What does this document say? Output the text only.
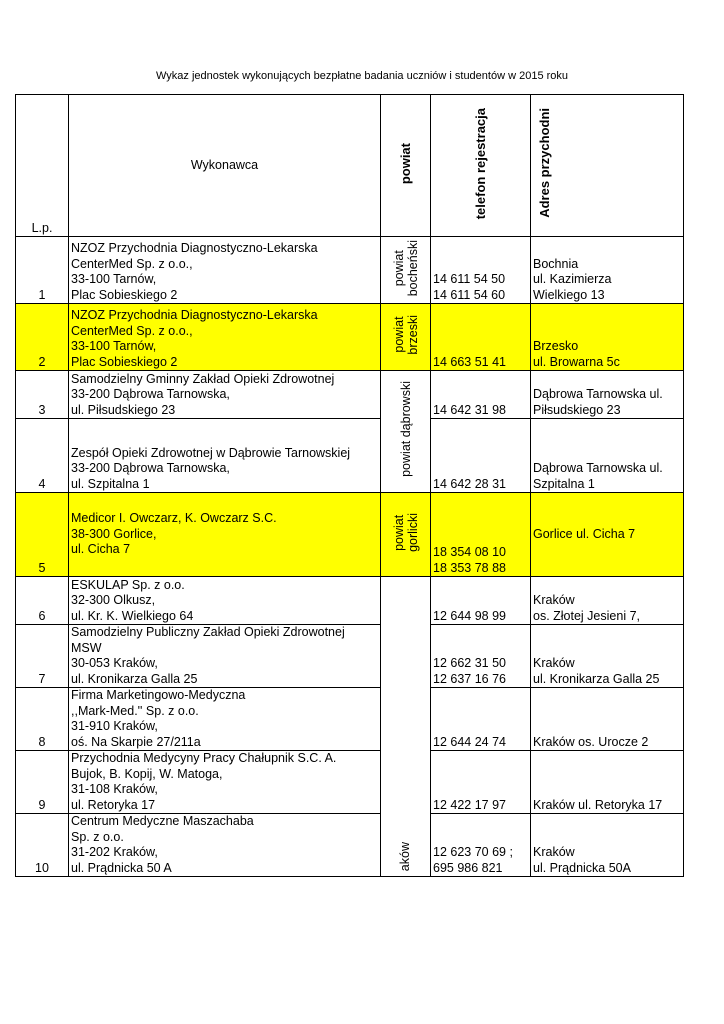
Wykaz jednostek wykonujących bezpłatne badania uczniów i studentów w 2015 roku
L.p.	Wykonawca	powiat	telefon rejestracja	Adres przychodni
1	NZOZ Przychodnia Diagnostyczno-Lekarska
CenterMed Sp. z o.o.,
33-100 Tarnów,
Plac Sobieskiego 2	powiat
bocheński	14 611 54 50
14 611 54 60	Bochnia
ul. Kazimierza
Wielkiego 13
2	NZOZ Przychodnia Diagnostyczno-Lekarska
CenterMed Sp. z o.o.,
33-100 Tarnów,
Plac Sobieskiego 2	powiat
brzeski	14 663 51 41	Brzesko
ul. Browarna 5c
3	Samodzielny Gminny Zakład Opieki Zdrowotnej
33-200 Dąbrowa Tarnowska,
ul. Piłsudskiego 23	powiat dąbrowski	14 642 31 98	Dąbrowa Tarnowska ul.
Piłsudskiego 23
4	Zespół Opieki Zdrowotnej w Dąbrowie Tarnowskiej
33-200 Dąbrowa Tarnowska,
ul. Szpitalna 1		14 642 28 31	Dąbrowa Tarnowska ul.
Szpitalna 1
5	Medicor I. Owczarz, K. Owczarz S.C.
38-300 Gorlice,
ul. Cicha 7	powiat
gorlicki	18 354 08 10
18 353 78 88	Gorlice ul. Cicha 7
6	ESKULAP Sp. z o.o.
32-300 Olkusz,
ul. Kr. K. Wielkiego 64	aków	12 644 98 99	Kraków
os. Złotej Jesieni 7,
7	Samodzielny Publiczny Zakład Opieki Zdrowotnej
MSW
30-053 Kraków,
ul. Kronikarza Galla 25		12 662 31 50
12 637 16 76	Kraków
ul. Kronikarza Galla 25
8	Firma Marketingowo-Medyczna
,,Mark-Med.'' Sp. z o.o.
31-910 Kraków,
oś. Na Skarpie 27/211a		12 644 24 74	Kraków os. Urocze 2
9	Przychodnia Medycyny Pracy Chałupnik S.C. A.
Bujok, B. Kopij, W. Matoga,
31-108 Kraków,
ul. Retoryka 17		12 422 17 97	Kraków ul. Retoryka 17
10	Centrum Medyczne Maszachaba
Sp. z o.o.
31-202 Kraków,
ul. Prądnicka 50 A		12 623 70 69 ;
695 986 821	Kraków
ul. Prądnicka 50A
